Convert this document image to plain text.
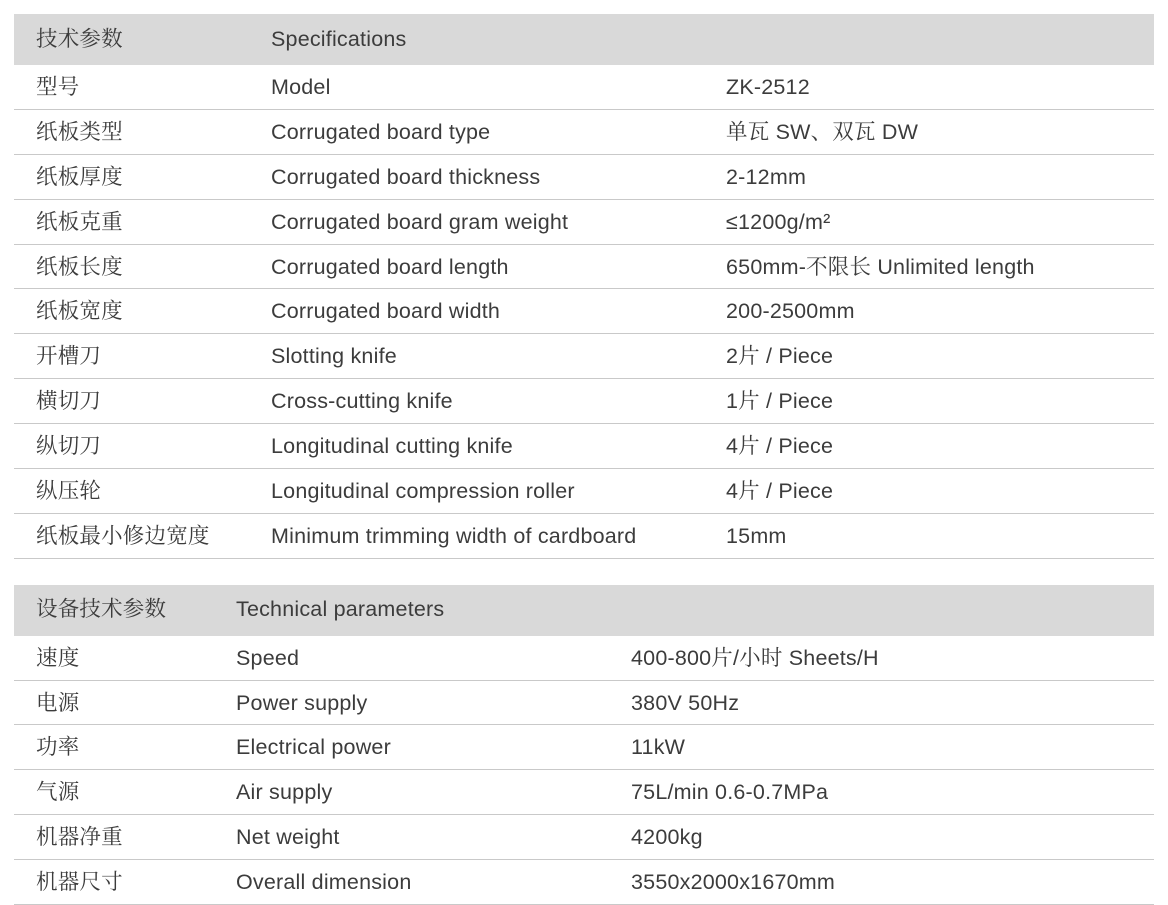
技术参数	Specifications	
型号	Model	ZK-2512
纸板类型	Corrugated board type	单瓦 SW、双瓦 DW
纸板厚度	Corrugated board thickness	2-12mm
纸板克重	Corrugated board gram weight	≤1200g/m²
纸板长度	Corrugated board length	650mm-不限长 Unlimited length
纸板宽度	Corrugated board width	200-2500mm
开槽刀	Slotting knife	2片 / Piece
横切刀	Cross-cutting knife	1片 / Piece
纵切刀	Longitudinal cutting knife	4片 / Piece
纵压轮	Longitudinal compression roller	4片 / Piece
纸板最小修边宽度	Minimum trimming width of cardboard	15mm
设备技术参数	Technical parameters	
速度	Speed	400-800片/小时 Sheets/H
电源	Power supply	380V 50Hz
功率	Electrical power	11kW
气源	Air supply	75L/min 0.6-0.7MPa
机器净重	Net weight	4200kg
机器尺寸	Overall dimension	3550x2000x1670mm
